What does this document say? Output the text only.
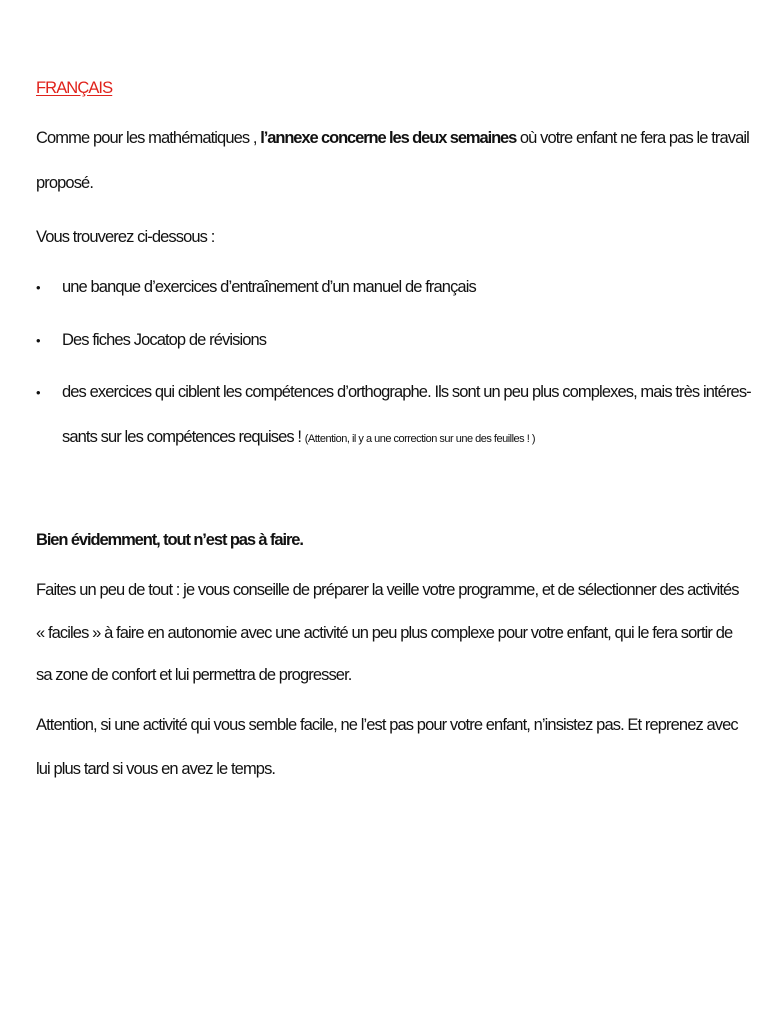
FRANÇAIS
Comme pour les mathématiques , l’annexe concerne les deux semaines où votre enfant ne fera pas le travail
proposé.
Vous trouverez ci-dessous :
• une banque d’exercices d’entraînement d’un manuel de français
• Des fiches Jocatop de révisions
• des exercices qui ciblent les compétences d’orthographe. Ils sont un peu plus complexes, mais très intéres-
sants sur les compétences requises ! (Attention, il y a une correction sur une des feuilles ! )
Bien évidemment, tout n’est pas à faire.
Faites un peu de tout : je vous conseille de préparer la veille votre programme, et de sélectionner des activités
« faciles » à faire en autonomie avec une activité un peu plus complexe pour votre enfant, qui le fera sortir de
sa zone de confort et lui permettra de progresser.
Attention, si une activité qui vous semble facile, ne l’est pas pour votre enfant, n’insistez pas. Et reprenez avec
lui plus tard si vous en avez le temps.
